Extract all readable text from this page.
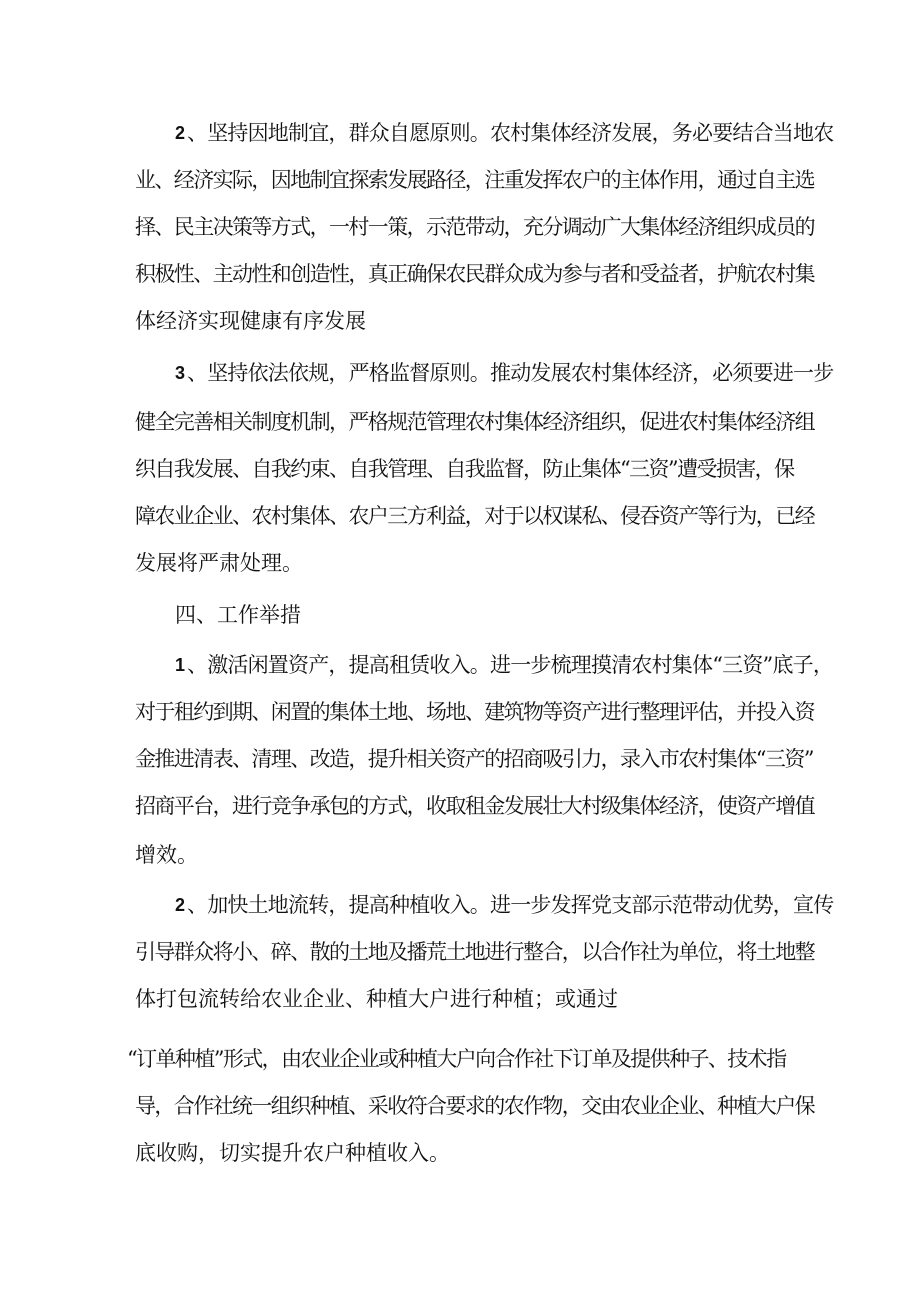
2 、坚持因地制宜，群众自愿原则。农村集体经济发展，务必要结合当地农
业、经济实际，因地制宜探索发展路径，注重发挥农户的主体作用，通过自主选
择、民主决策等方式，一村一策，示范带动，充分调动广大集体经济组织成员的
积极性、主动性和创造性，真正确保农民群众成为参与者和受益者，护航农村集
体经济实现健康有序发展
3 、坚持依法依规，严格监督原则。推动发展农村集体经济，必须要进一步
健全完善相关制度机制，严格规范管理农村集体经济组织，促进农村集体经济组
织自我发展、自我约束、自我管理、自我监督，防止集体“三资”遭受损害，保
障农业企业、农村集体、农户三方利益，对于以权谋私、侵吞资产等行为，已经
发展将严肃处理。
四、工作举措
1 、激活闲置资产，提高租赁收入。进一步梳理摸清农村集体“三资”底子，
对于租约到期、闲置的集体土地、场地、建筑物等资产进行整理评估，并投入资
金推进清表、清理、改造，提升相关资产的招商吸引力，录入市农村集体“三资”
招商平台，进行竞争承包的方式，收取租金发展壮大村级集体经济，使资产增值
增效。
2 、加快土地流转，提高种植收入。进一步发挥党支部示范带动优势，宣传
引导群众将小、碎、散的土地及播荒土地进行整合，以合作社为单位，将土地整
体打包流转给农业企业、种植大户进行种植；或通过
“订单种植”形式，由农业企业或种植大户向合作社下订单及提供种子、技术指
导，合作社统一组织种植、采收符合要求的农作物，交由农业企业、种植大户保
底收购，切实提升农户种植收入。
